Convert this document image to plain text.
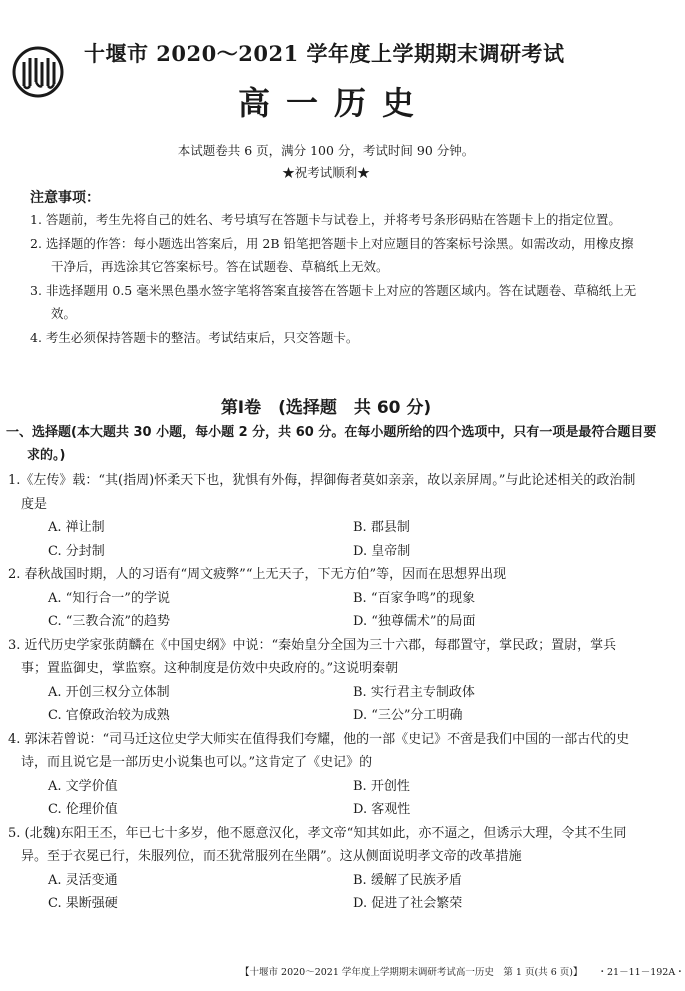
十堰市 2020～2021 学年度上学期期末调研考试
高一历史
本试题卷共 6 页，满分 100 分，考试时间 90 分钟。
★祝考试顺利★
注意事项：
1. 答题前，考生先将自己的姓名、考号填写在答题卡与试卷上，并将考号条形码贴在答题卡上的指定位置。
2. 选择题的作答：每小题选出答案后，用 2B 铅笔把答题卡上对应题目的答案标号涂黑。如需改动，用橡皮擦干净后，再选涂其它答案标号。答在试题卷、草稿纸上无效。
3. 非选择题用 0.5 毫米黑色墨水签字笔将答案直接答在答题卡上对应的答题区域内。答在试题卷、草稿纸上无效。
4. 考生必须保持答题卡的整洁。考试结束后，只交答题卡。
第Ⅰ卷　(选择题　共 60 分)
一、选择题(本大题共 30 小题，每小题 2 分，共 60 分。在每小题所给的四个选项中，只有一项是最符合题目要求的。)
1.《左传》载：“其(指周)怀柔天下也，犹惧有外侮，捍御侮者莫如亲亲，故以亲屏周。”与此论述相关的政治制度是
A. 禅让制	B. 郡县制
C. 分封制	D. 皇帝制
2. 春秋战国时期，人的习语有“周文疲弊”“上无天子，下无方伯”等，因而在思想界出现
A. “知行合一”的学说	B. “百家争鸣”的现象
C. “三教合流”的趋势	D. “独尊儒术”的局面
3. 近代历史学家张荫麟在《中国史纲》中说：“秦始皇分全国为三十六郡，每郡置守，掌民政；置尉，掌兵事；置监御史，掌监察。这种制度是仿效中央政府的。”这说明秦朝
A. 开创三权分立体制	B. 实行君主专制政体
C. 官僚政治较为成熟	D. “三公”分工明确
4. 郭沫若曾说：“司马迁这位史学大师实在值得我们夸耀，他的一部《史记》不啻是我们中国的一部古代的史诗，而且说它是一部历史小说集也可以。”这肯定了《史记》的
A. 文学价值	B. 开创性
C. 伦理价值	D. 客观性
5. (北魏)东阳王丕，年已七十多岁，他不愿意汉化，孝文帝“知其如此，亦不逼之，但诱示大理，令其不生同异。至于衣冕已行，朱服列位，而丕犹常服列在坐隅”。这从侧面说明孝文帝的改革措施
A. 灵活变通	B. 缓解了民族矛盾
C. 果断强硬	D. 促进了社会繁荣
【十堰市 2020～2021 学年度上学期期末调研考试高一历史　第 1 页(共 6 页)】 ・21－11－192A・
